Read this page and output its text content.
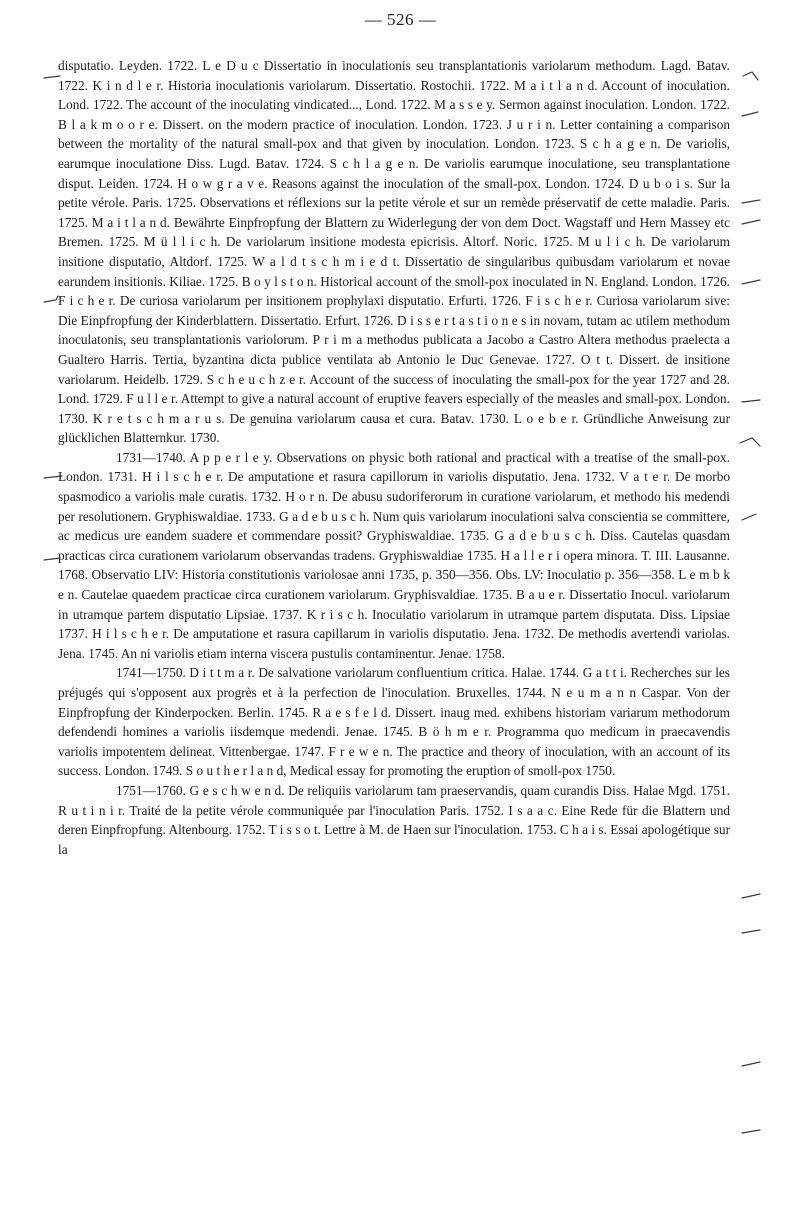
— 526 —

disputatio. Leyden. 1722. L e D u c Dissertatio in inoculationis seu transplantationis variolarum methodum. Lagd. Batav. 1722. K i n d l e r. Historia inoculationis variolarum. Dissertatio. Rostochii. 1722. M a i t l a n d. Account of inoculation. Lond. 1722. The account of the inoculating vindicated..., Lond. 1722. M a s s e y. Sermon against inoculation. London. 1722. B l a k m o o r e. Dissert. on the modern practice of inoculation. London. 1723. J u r i n. Letter containing a comparison between the mortality of the natural small-pox and that given by inoculation. London. 1723. S c h a g e n. De variolis, earumque inoculatione Diss. Lugd. Batav. 1724. S c h l a g e n. De variolis earumque inoculatione, seu transplantatione disput. Leiden. 1724. H o w g r a v e. Reasons against the inoculation of the small-pox. London. 1724. D u b o i s. Sur la petite vérole. Paris. 1725. Observations et réflexions sur la petite vérole et sur un remède préservatif de cette maladie. Paris. 1725. M a i t l a n d. Bewährte Einpfropfung der Blattern zu Widerlegung der von dem Doct. Wagstaff und Hern Massey etc Bremen. 1725. M ü l l i c h. De variolarum insitione modesta epicrisis. Altorf. Noric. 1725. M u l i c h. De variolarum insitione disputatio, Altdorf. 1725. W a l d t s c h m i e d t. Dissertatio de singularibus quibusdam variolarum et novae earundem insitionis. Kiliae. 1725. B o y l s t o n. Historical account of the smoll-pox inoculated in N. England. London. 1726. F i c h e r. De curiosa variolarum per insitionem prophylaxi disputatio. Erfurti. 1726. F i s c h e r. Curiosa variolarum sive: Die Einpfropfung der Kinderblattern. Dissertatio. Erfurt. 1726. D i s s e r t a s t i o n e s in novam, tutam ac utilem methodum inoculatonis, seu transplantationis variolorum. P r i m a methodus publicata a Jacobo a Castro Altera methodus praelecta a Gualtero Harris. Tertia, byzantina dicta publice ventilata ab Antonio le Duc Genevae. 1727. O t t. Dissert. de insitione variolarum. Heidelb. 1729. S c h e u c h z e r. Account of the success of inoculating the small-pox for the year 1727 and 28. Lond. 1729. F u l l e r. Attempt to give a natural account of eruptive feavers especially of the measles and small-pox. London. 1730. K r e t s c h m a r u s. De genuina variolarum causa et cura. Batav. 1730. L o e b e r. Gründliche Anweisung zur glücklichen Blatternkur. 1730.

1731—1740. A p p e r l e y. Observations on physic both rational and practical with a treatise of the small-pox. London. 1731. H i l s c h e r. De amputatione et rasura capillorum in variolis disputatio. Jena. 1732. V a t e r. De morbo spasmodico a variolis male curatis. 1732. H o r n. De abusu sudoriferorum in curatione variolarum, et methodo his medendi per resolutionem. Gryphiswaldiae. 1733. G a d e b u s c h. Num quis variolarum inoculationi salva conscientia se committere, ac medicus ure eandem suadere et commendare possit? Gryphiswaldiae. 1735. G a d e b u s c h. Diss. Cautelas quasdam practicas circa curationem variolarum observandas tradens. Gryphiswaldiae 1735. H a l l e r i opera minora. T. III. Lausanne. 1768. Observatio LIV: Historia constitutionis variolosae anni 1735, p. 350—356. Obs. LV: Inoculatio p. 356—358. L e m b k e n. Cautelae quaedem practicae circa curationem variolarum. Gryphisvaldiae. 1735. B a u e r. Dissertatio Inocul. variolarum in utramque partem disputatio Lipsiae. 1737. K r i s c h. Inoculatio variolarum in utramque partem disputata. Diss. Lipsiae 1737. H i l s c h e r. De amputatione et rasura capillarum in variolis disputatio. Jena. 1732. De methodis avertendi variolas. Jena. 1745. An ni variolis etiam interna viscera pustulis contaminentur. Jenae. 1758.

1741—1750. D i t t m a r. De salvatione variolarum confluentium critica. Halae. 1744. G a t t i. Recherches sur les préjugés qui s'opposent aux progrès et à la perfection de l'inoculation. Bruxelles. 1744. N e u m a n n Caspar. Von der Einpfropfung der Kinderpocken. Berlin. 1745. R a e s f e l d. Dissert. inaug med. exhibens historiam variarum methodorum defendendi homines a variolis iisdemque medendi. Jenae. 1745. B ö h m e r. Programma quo medicum in praecavendis variolis impotentem delineat. Vittenbergae. 1747. F r e w e n. The practice and theory of inoculation, with an account of its success. London. 1749. S o u t h e r l a n d, Medical essay for promoting the eruption of smoll-pox 1750.

1751—1760. G e s c h w e n d. De reliquiis variolarum tam praeservandis, quam curandis Diss. Halae Mgd. 1751. R u t i n i r. Traité de la petite vérole communiquée par l'inoculation Paris. 1752. I s a a c. Eine Rede für die Blattern und deren Einpfropfung. Altenbourg. 1752. T i s s o t. Lettre à M. de Haen sur l'inoculation. 1753. C h a i s. Essai apologétique sur la
